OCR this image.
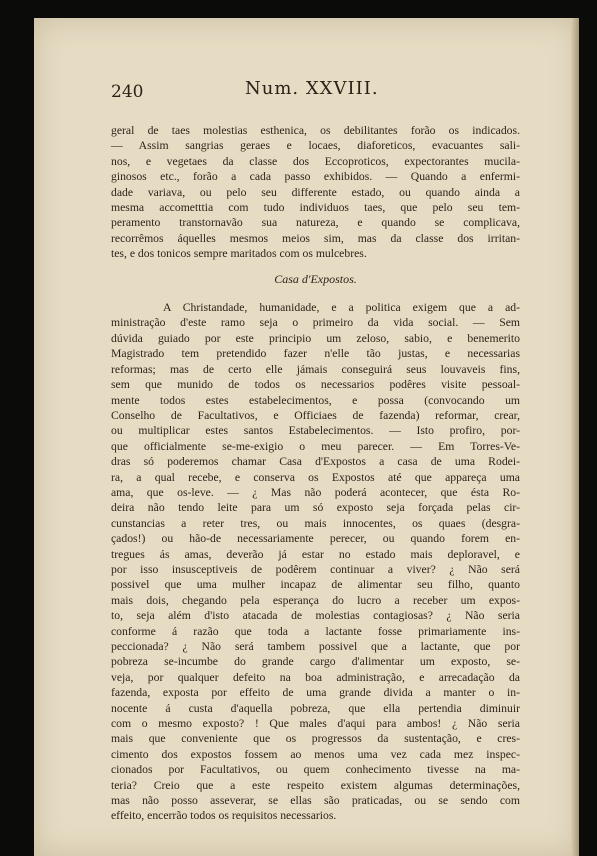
240	Num. XXVIII.
geral de taes molestias esthenica, os debilitantes forão os indicados.
— Assim sangrias geraes e locaes, diaforeticos, evacuantes sali-
nos, e vegetaes da classe dos Eccoproticos, expectorantes mucila-
ginosos etc., forão a cada passo exhibidos. — Quando a enfermi-
dade variava, ou pelo seu differente estado, ou quando ainda a
mesma accometttia com tudo individuos taes, que pelo seu tem-
peramento transtornavão sua natureza, e quando se complicava,
recorrêmos áquelles mesmos meios sim, mas da classe dos irritan-
tes, e dos tonicos sempre maritados com os mulcebres.
Casa d'Expostos.
A Christandade, humanidade, e a politica exigem que a ad-
ministração d'este ramo seja o primeiro da vida social. — Sem
dúvida guiado por este principio um zeloso, sabio, e benemerito
Magistrado tem pretendido fazer n'elle tão justas, e necessarias
reformas; mas de certo elle jámais conseguirá seus louvaveis fins,
sem que munido de todos os necessarios podêres visite pessoal-
mente todos estes estabelecimentos, e possa (convocando um
Conselho de Facultativos, e Officiaes de fazenda) reformar, crear,
ou multiplicar estes santos Estabelecimentos. — Isto profiro, por-
que officialmente se-me-exigio o meu parecer. — Em Torres-Ve-
dras só poderemos chamar Casa d'Expostos a casa de uma Rodei-
ra, a qual recebe, e conserva os Expostos até que appareça uma
ama, que os-leve. — ¿ Mas não poderá acontecer, que ésta Ro-
deira não tendo leite para um só exposto seja forçada pelas cir-
cunstancias a reter tres, ou mais innocentes, os quaes (desgra-
çados!) ou hão-de necessariamente perecer, ou quando forem en-
tregues ás amas, deverão já estar no estado mais deploravel, e
por isso insusceptiveis de podêrem continuar a viver? ¿ Não será
possivel que uma mulher incapaz de alimentar seu filho, quanto
mais dois, chegando pela esperança do lucro a receber um expos-
to, seja além d'isto atacada de molestias contagiosas? ¿ Não seria
conforme á razão que toda a lactante fosse primariamente ins-
peccionada? ¿ Não será tambem possivel que a lactante, que por
pobreza se-incumbe do grande cargo d'alimentar um exposto, se-
veja, por qualquer defeito na boa administração, e arrecadação da
fazenda, exposta por effeito de uma grande divida a manter o in-
nocente á custa d'aquella pobreza, que ella pertendia diminuir
com o mesmo exposto? ! Que males d'aqui para ambos! ¿ Não seria
mais que conveniente que os progressos da sustentação, e cres-
cimento dos expostos fossem ao menos uma vez cada mez inspec-
cionados por Facultativos, ou quem conhecimento tivesse na ma-
teria? Creio que a este respeito existem algumas determinações,
mas não posso asseverar, se ellas são praticadas, ou se sendo com
effeito, encerrão todos os requisitos necessarios.
